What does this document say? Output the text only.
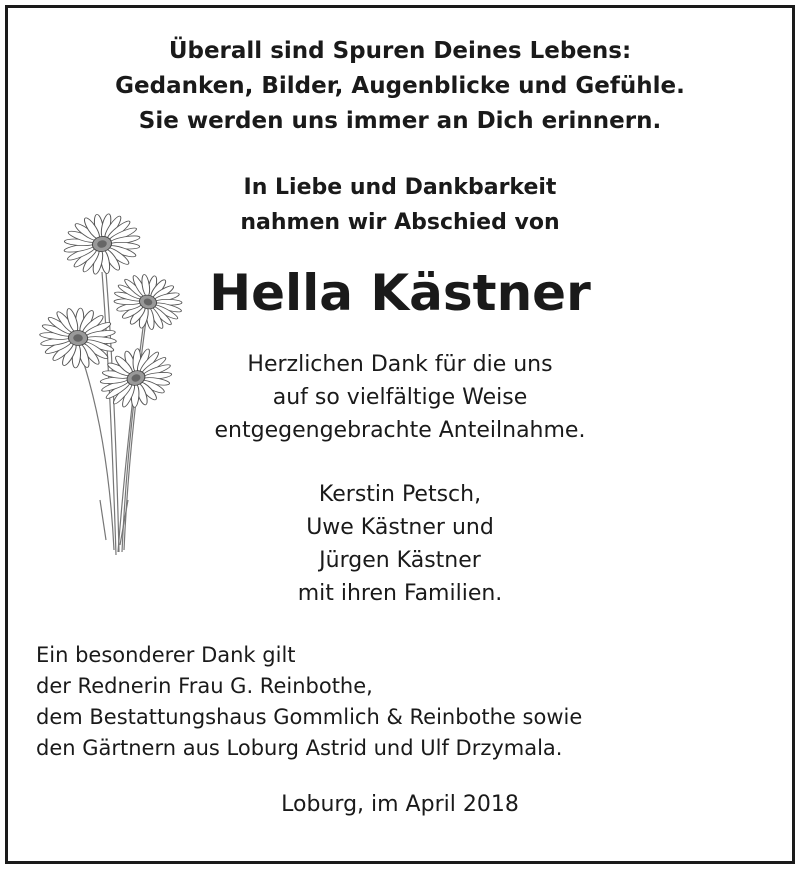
Überall sind Spuren Deines Lebens:
Gedanken, Bilder, Augenblicke und Gefühle.
Sie werden uns immer an Dich erinnern.
In Liebe und Dankbarkeit
nahmen wir Abschied von
Hella Kästner
Herzlichen Dank für die uns
auf so vielfältige Weise
entgegengebrachte Anteilnahme.
Kerstin Petsch,
Uwe Kästner und
Jürgen Kästner
mit ihren Familien.
Ein besonderer Dank gilt
der Rednerin Frau G. Reinbothe,
dem Bestattungshaus Gommlich & Reinbothe sowie
den Gärtnern aus Loburg Astrid und Ulf Drzymala.
Loburg, im April 2018
